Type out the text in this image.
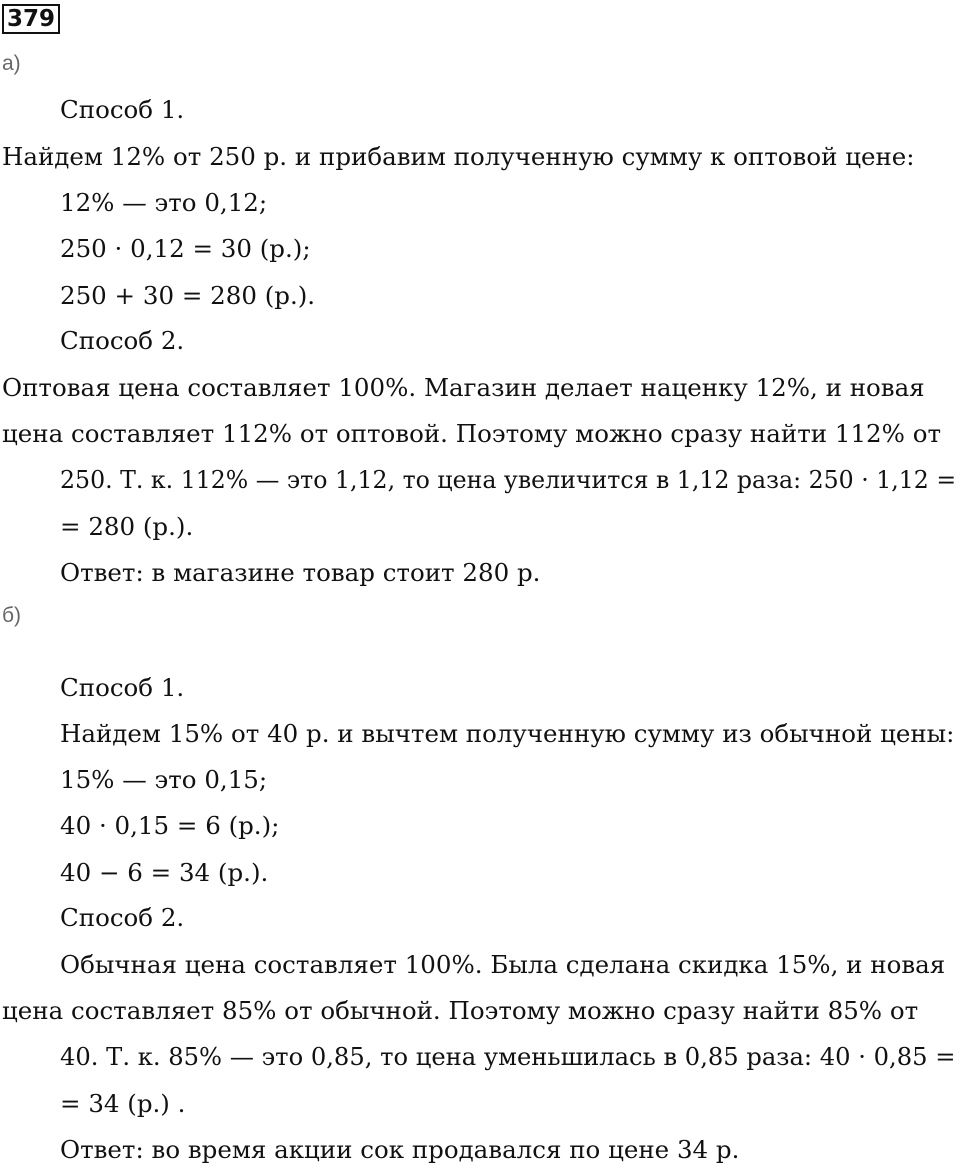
379
а)
Способ 1.
Найдем 12% от 250 р. и прибавим полученную сумму к оптовой цене:
12% — это 0,12;
250 · 0,12 = 30 (р.);
250 + 30 = 280 (р.).
Способ 2.
Оптовая цена составляет 100%. Магазин делает наценку 12%, и новая
цена составляет 112% от оптовой. Поэтому можно сразу найти 112% от
250. Т. к. 112% — это 1,12, то цена увеличится в 1,12 раза: 250 · 1,12 =
= 280 (р.).
Ответ: в магазине товар стоит 280 р.
б)
Способ 1.
Найдем 15% от 40 р. и вычтем полученную сумму из обычной цены:
15% — это 0,15;
40 · 0,15 = 6 (р.);
40 − 6 = 34 (р.).
Способ 2.
Обычная цена составляет 100%. Была сделана скидка 15%, и новая
цена составляет 85% от обычной. Поэтому можно сразу найти 85% от
40. Т. к. 85% — это 0,85, то цена уменьшилась в 0,85 раза: 40 · 0,85 =
= 34 (р.) .
Ответ: во время акции сок продавался по цене 34 р.
